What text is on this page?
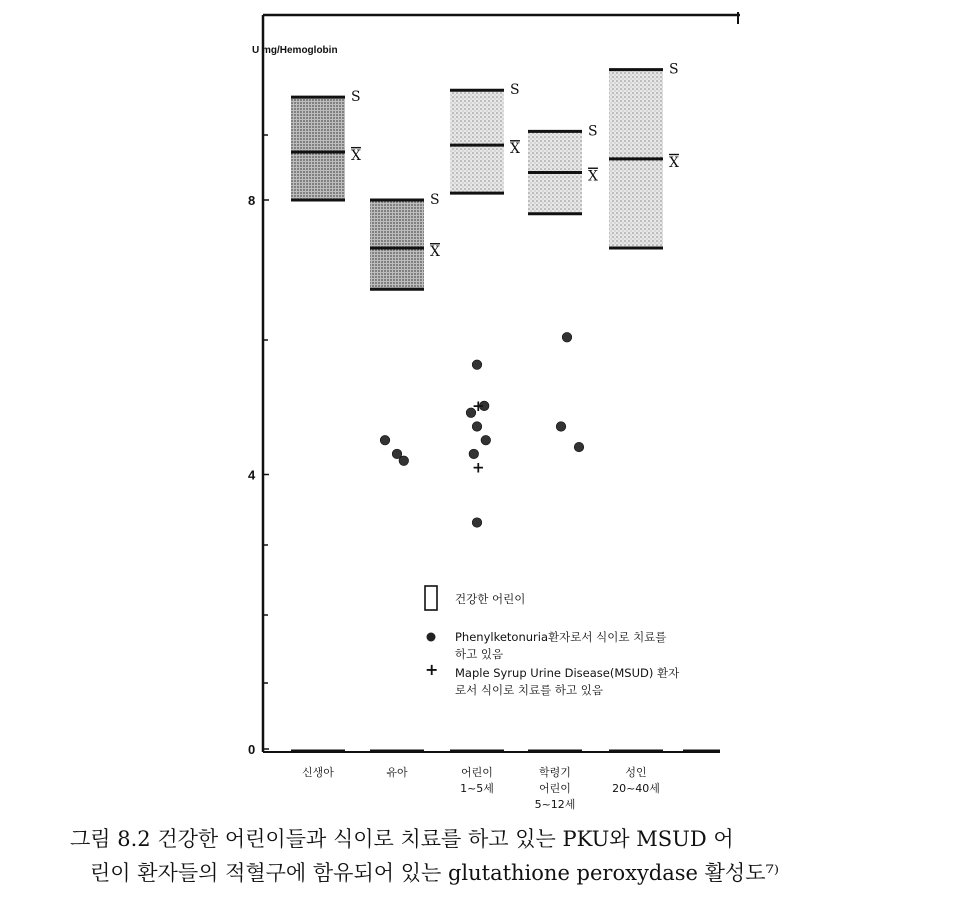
U mg/Hemoglobin
0
4
8
S
X
S
X
S
X
S
X
S
X
+
+
신생아	유아	어린이
1~5세
학령기
어린이
5~12세
성인
20~40세
건강한 어린이
Phenylketonuria환자로서 식이로 치료를 하고 있음
+ Maple Syrup Urine Disease(MSUD) 환자 로서 식이로 치료를 하고 있음
그림 8.2 건강한 어린이들과 식이로 치료를 하고 있는 PKU와 MSUD 어
린이 환자들의 적혈구에 함유되어 있는 glutathione peroxydase 활성도⁷⁾
